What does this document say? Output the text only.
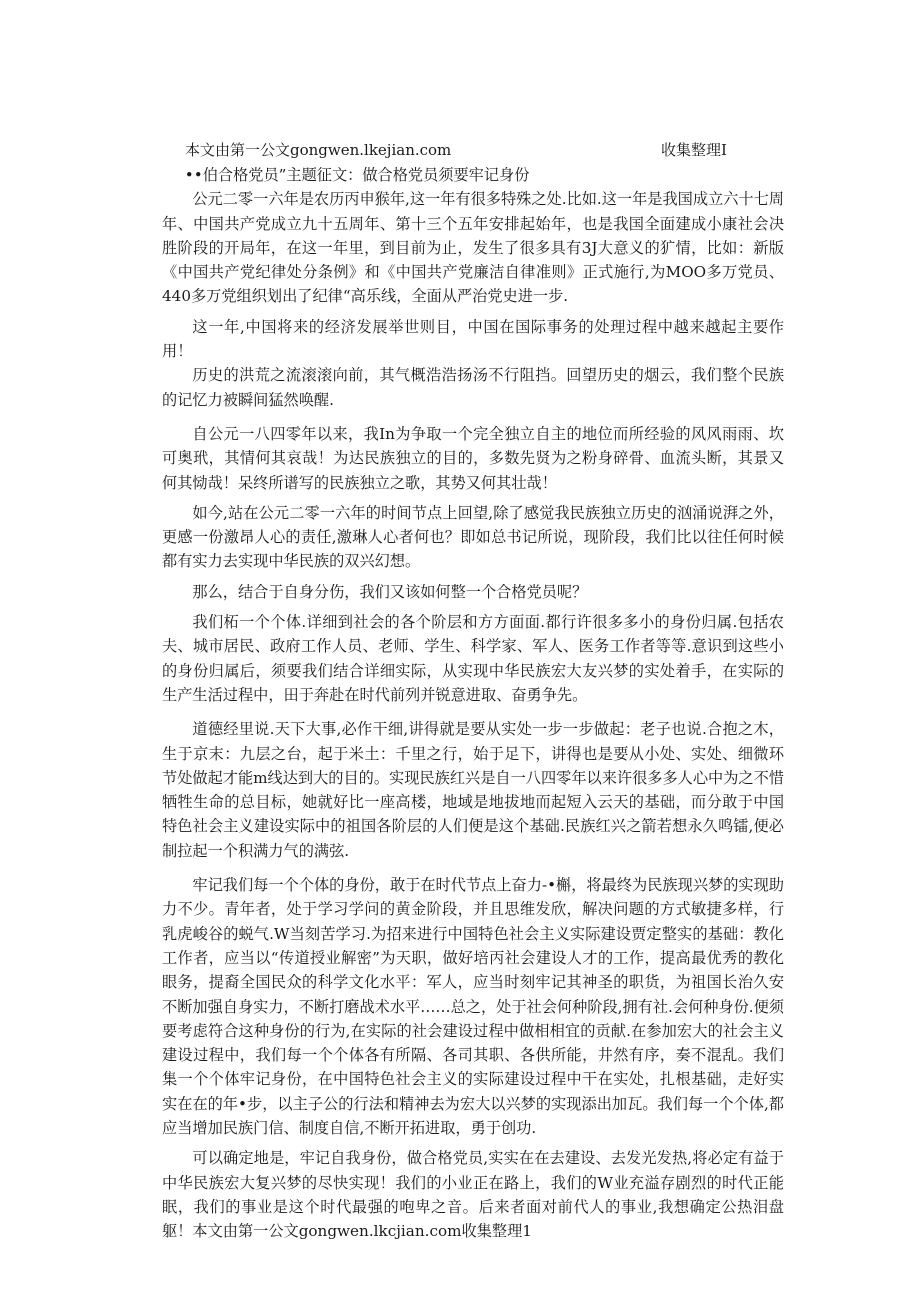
本文由第一公文gongwen.lkejian.com	收集整理I

••伯合格党员”主题征文：做合格党员须要牢记身份

公元二零一六年是农历丙申猴年,这一年有很多特殊之处.比如.这一年是我国成立六十七周年、中国共产党成立九十五周年、第十三个五年安排起始年，也是我国全面建成小康社会决胜阶段的开局年，在这一年里，到目前为止，发生了很多具有3J大意义的犷情，比如：新版《中国共产党纪律处分条例》和《中国共产党廉洁自律准则》正式施行,为MOO多万党员、440多万党组织划出了纪律“高乐线，全面从严治党史进一步.

这一年,中国将来的经济发展举世则目，中国在国际事务的处理过程中越来越起主要作用！

历史的洪荒之流滚滚向前，其气概浩浩扬汤不行阻挡。回望历史的烟云，我们整个民族的记忆力被瞬间猛然唤醒.

自公元一八四零年以来，我In为争取一个完全独立自主的地位而所经验的风风雨雨、坎可奥玳，其情何其哀哉！为达民族独立的目的，多数先贤为之粉身碎骨、血流头断，其景又何其恸哉！呆终所谱写的民族独立之歌，其势又何其壮哉！

如今,站在公元二零一六年的时间节点上回望,除了感觉我民族独立历史的汹涌说湃之外，更感一份激昂人心的责任,激琳人心者何也？即如总书记所说，现阶段，我们比以往任何时候都有实力去实现中华民族的双兴幻想。

那么，结合于自身分伤，我们又该如何整一个合格党员呢？

我们柘一个个体.详细到社会的各个阶层和方方面面.都行许很多多小的身份归属.包括农夫、城市居民、政府工作人员、老师、学生、科学家、军人、医务工作者等等.意识到这些小的身份归属后，须要我们结合详细实际，从实现中华民族宏大友兴梦的实处着手，在实际的生产生活过程中，田于奔赴在时代前列并锐意进取、奋勇争先。

道德经里说.天下大事,必作干细,讲得就是要从实处一步一步做起：老子也说.合抱之木，生于京末：九层之台，起于米土：千里之行，始于足下，讲得也是要从小处、实处、细微环节处做起才能m线达到大的目的。实现民族红兴是自一八四零年以来许很多多人心中为之不惜牺牲生命的总目标，她就好比一座高楼，地域是地拔地而起短入云天的基础，而分敢于中国特色社会主义建设实际中的祖国各阶层的人们便是这个基础.民族红兴之箭若想永久鸣镭,便必制拉起一个积满力气的满弦.

牢记我们每一个个体的身份，敢于在时代节点上奋力-•槲，将最终为民族现兴梦的实现助力不少。青年者，处于学习学问的黄金阶段，并且思维发欣，解决问题的方式敏捷多样，行乳虎峻谷的蜕气.W当刻苦学习.为招来进行中国特色社会主义实际建设贾定整实的基础：教化工作者，应当以“传道授业解密”为天职，做好培丙社会建设人才的工作，提高最优秀的教化眼务，提裔全国民众的科学文化水平：军人，应当时刻牢记其神圣的职货，为祖国长治久安不断加强自身实力，不断打磨战术水平……总之，处于社会何种阶段,拥有社.会何种身份.便须要考虑符合这种身份的行为,在实际的社会建设过程中做相相宜的贡献.在参加宏大的社会主义建设过程中，我们每一个个体各有所隔、各司其职、各供所能，井然有序，奏不混乱。我们集一个个体牢记身份，在中国特色社会主义的实际建设过程中干在实处，扎根基础，走好实实在在的年•步，以主子公的行法和精神去为宏大以兴梦的实现添出加瓦。我们每一个个体,都应当增加民族门信、制度自信,不断开拓进取，勇于创功.

可以确定地是，牢记自我身份，做合格党员,实实在在去建设、去发光发热,将必定有益于中华民族宏大复兴梦的尽快实现！我们的小业正在路上，我们的W业充溢存剧烈的时代正能眠，我们的事业是这个时代最强的咆卑之音。后来者面对前代人的事业,我想确定公热泪盘躯！本文由第一公文gongwen.lkcjian.com收集整理1
